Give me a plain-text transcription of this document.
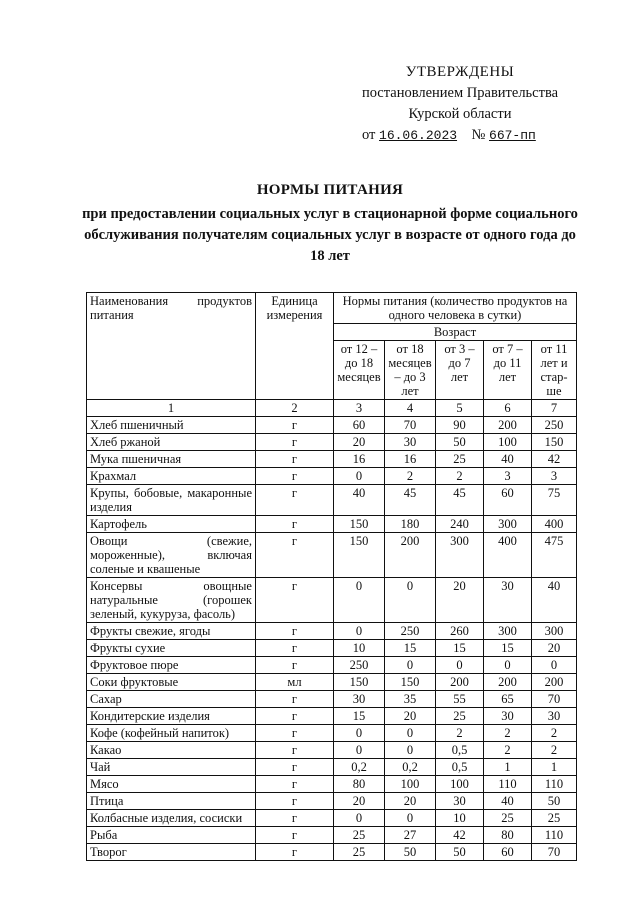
УТВЕРЖДЕНЫ
постановлением Правительства
Курской области
от 16.06.2023 № 667-пп
НОРМЫ ПИТАНИЯ
при предоставлении социальных услуг в стационарной форме социального обслуживания получателям социальных услуг в возрасте от одного года до 18 лет
Наименования продуктов питания	Единица измерения	Нормы питания (количество продуктов на одного человека в сутки)				
		Возраст				
		от 12 – до 18 месяцев	от 18 месяцев – до 3 лет	от 3 – до 7 лет	от 7 – до 11 лет	от 11 лет и стар-ше
1	2	3	4	5	6	7
Хлеб пшеничный	г	60	70	90	200	250
Хлеб ржаной	г	20	30	50	100	150
Мука пшеничная	г	16	16	25	40	42
Крахмал	г	0	2	2	3	3

Крупы, бобовые, макаронные изделия	г	40	45	45	60	75
Картофель	г	150	180	240	300	400

Овощи (свежие, мороженные), включая соленые и квашеные	г	150	200	300	400	475

Консервы овощные натуральные (горошек зеленый, кукуруза, фасоль)	г	0	0	20	30	40
Фрукты свежие, ягоды	г	0	250	260	300	300
Фрукты сухие	г	10	15	15	15	20
Фруктовое пюре	г	250	0	0	0	0
Соки фруктовые	мл	150	150	200	200	200
Сахар	г	30	35	55	65	70
Кондитерские изделия	г	15	20	25	30	30
Кофе (кофейный напиток)	г	0	0	2	2	2
Какао	г	0	0	0,5	2	2
Чай	г	0,2	0,2	0,5	1	1
Мясо	г	80	100	100	110	110
Птица	г	20	20	30	40	50

Колбасные изделия, сосиски	г	0	0	10	25	25
Рыба	г	25	27	42	80	110
Творог	г	25	50	50	60	70
